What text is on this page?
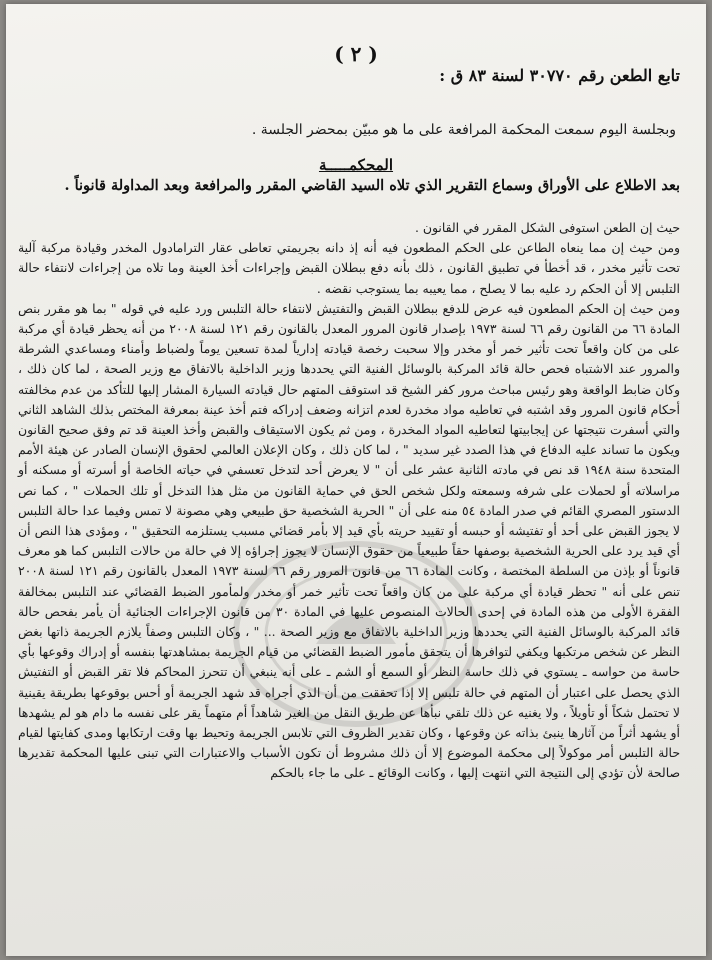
( ٢ )
تابع الطعن رقم ٣٠٧٧٠ لسنة ٨٣ ق :
وبجلسة اليوم سمعت المحكمة المرافعة على ما هو مبيّن بمحضر الجلسة .
المحكمـــــة
بعد الاطلاع على الأوراق وسماع التقرير الذي تلاه السيد القاضي المقرر والمرافعة وبعد المداولة قانوناً .

حيث إن الطعن استوفى الشكل المقرر في القانون .

ومن حيث إن مما ينعاه الطاعن على الحكم المطعون فيه أنه إذ دانه بجريمتي تعاطى عقار الترامادول المخدر وقيادة مركبة آلية تحت تأثير مخدر ، قد أخطأ في تطبيق القانون ، ذلك بأنه دفع ببطلان القبض وإجراءات أخذ العينة وما تلاه من إجراءات لانتفاء حالة التلبس إلا أن الحكم رد عليه بما لا يصلح ، مما يعيبه بما يستوجب نقضه .

ومن حيث إن الحكم المطعون فيه عرض للدفع ببطلان القبض والتفتيش لانتفاء حالة التلبس ورد عليه في قوله " بما هو مقرر بنص المادة ٦٦ من القانون رقم ٦٦ لسنة ١٩٧٣ بإصدار قانون المرور المعدل بالقانون رقم ١٢١ لسنة ٢٠٠٨ من أنه يحظر قيادة أي مركبة على من كان واقعاً تحت تأثير خمر أو مخدر وإلا سحبت رخصة قيادته إدارياً لمدة تسعين يوماً ولضباط وأمناء ومساعدي الشرطة والمرور عند الاشتباه فحص حالة قائد المركبة بالوسائل الفنية التي يحددها وزير الداخلية بالاتفاق مع وزير الصحة ، لما كان ذلك ، وكان ضابط الواقعة وهو رئيس مباحث مرور كفر الشيخ قد استوقف المتهم حال قيادته السيارة المشار إليها للتأكد من عدم مخالفته أحكام قانون المرور وقد اشتبه في تعاطيه مواد مخدرة لعدم اتزانه وضعف إدراكه فتم أخذ عينة بمعرفة المختص بذلك الشاهد الثاني والتي أسفرت نتيجتها عن إيجابيتها لتعاطيه المواد المخدرة ، ومن ثم يكون الاستيقاف والقبض وأخذ العينة قد تم وفق صحيح القانون ويكون ما تساند عليه الدفاع في هذا الصدد غير سديد " ، لما كان ذلك ، وكان الإعلان العالمي لحقوق الإنسان الصادر عن هيئة الأمم المتحدة سنة ١٩٤٨ قد نص في مادته الثانية عشر على أن " لا يعرض أحد لتدخل تعسفي في حياته الخاصة أو أسرته أو مسكنه أو مراسلاته أو لحملات على شرفه وسمعته ولكل شخص الحق في حماية القانون من مثل هذا التدخل أو تلك الحملات " ، كما نص الدستور المصري القائم في صدر المادة ٥٤ منه على أن " الحرية الشخصية حق طبيعي وهي مصونة لا تمس وفيما عدا حالة التلبس لا يجوز القبض على أحد أو تفتيشه أو حبسه أو تقييد حريته بأي قيد إلا بأمر قضائي مسبب يستلزمه التحقيق " ، ومؤدى هذا النص أن أي قيد يرد على الحرية الشخصية بوصفها حقاً طبيعياً من حقوق الإنسان لا يجوز إجراؤه إلا في حالة من حالات التلبس كما هو معرف قانوناً أو بإذن من السلطة المختصة ، وكانت المادة ٦٦ من قانون المرور رقم ٦٦ لسنة ١٩٧٣ المعدل بالقانون رقم ١٢١ لسنة ٢٠٠٨ تنص على أنه " تحظر قيادة أي مركبة على من كان واقعاً تحت تأثير خمر أو مخدر ولمأمور الضبط القضائي عند التلبس بمخالفة الفقرة الأولى من هذه المادة في إحدى الحالات المنصوص عليها في المادة ٣٠ من قانون الإجراءات الجنائية أن يأمر بفحص حالة قائد المركبة بالوسائل الفنية التي يحددها وزير الداخلية بالاتفاق مع وزير الصحة ... " ، وكان التلبس وصفاً يلازم الجريمة ذاتها بغض النظر عن شخص مرتكبها ويكفي لتوافرها أن يتحقق مأمور الضبط القضائي من قيام الجريمة بمشاهدتها بنفسه أو إدراك وقوعها بأي حاسة من حواسه ـ يستوي في ذلك حاسة النظر أو السمع أو الشم ـ على أنه ينبغي أن تتحرز المحاكم فلا تقر القبض أو التفتيش الذي يحصل على اعتبار أن المتهم في حالة تلبس إلا إذا تحققت من أن الذي أجراه قد شهد الجريمة أو أحس بوقوعها بطريقة يقينية لا تحتمل شكاً أو تأويلاً ، ولا يغنيه عن ذلك تلقي نبأها عن طريق النقل من الغير شاهداً أم متهماً يقر على نفسه ما دام هو لم يشهدها أو يشهد أثراً من آثارها ينبئ بذاته عن وقوعها ، وكان تقدير الظروف التي تلابس الجريمة وتحيط بها وقت ارتكابها ومدى كفايتها لقيام حالة التلبس أمر موكولاً إلى محكمة الموضوع إلا أن ذلك مشروط أن تكون الأسباب والاعتبارات التي تبنى عليها المحكمة تقديرها صالحة لأن تؤدي إلى النتيجة التي انتهت إليها ، وكانت الوقائع ـ على ما جاء بالحكم
